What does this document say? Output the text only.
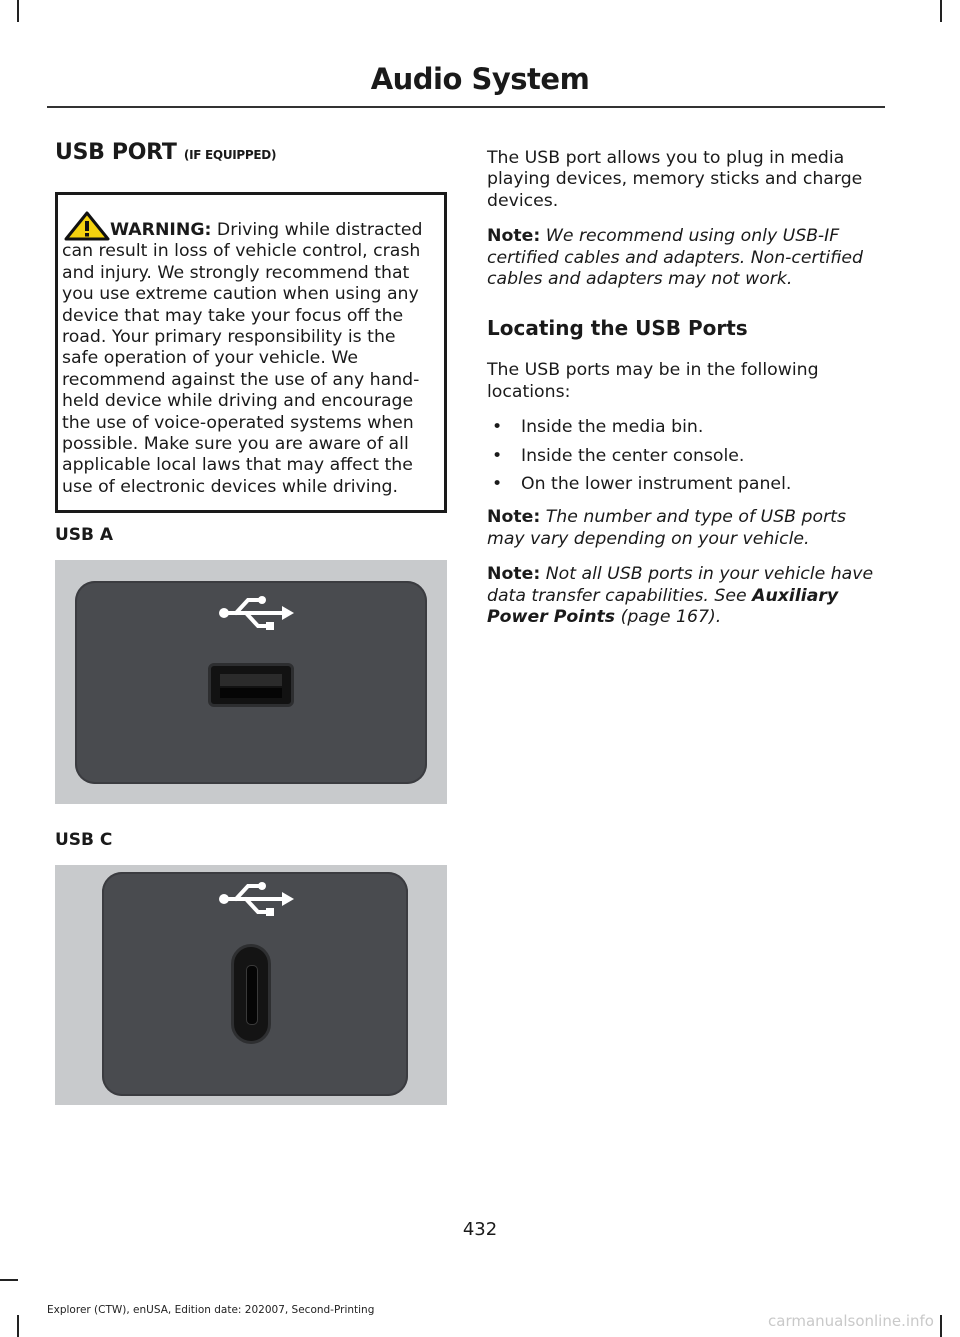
Audio System
USB PORT (IF EQUIPPED)
WARNING: Driving while distracted can result in loss of vehicle control, crash and injury. We strongly recommend that you use extreme caution when using any device that may take your focus off the road. Your primary responsibility is the safe operation of your vehicle. We recommend against the use of any hand-held device while driving and encourage the use of voice-operated systems when possible. Make sure you are aware of all applicable local laws that may affect the use of electronic devices while driving.
USB A
USB C

The USB port allows you to plug in media playing devices, memory sticks and charge devices.

Note: We recommend using only USB-IF certified cables and adapters. Non-certified cables and adapters may not work.

Locating the USB Ports

The USB ports may be in the following locations:

• Inside the media bin.
• Inside the center console.
• On the lower instrument panel.

Note: The number and type of USB ports may vary depending on your vehicle.

Note: Not all USB ports in your vehicle have data transfer capabilities. See Auxiliary Power Points (page 167).

432
Explorer (CTW), enUSA, Edition date: 202007, Second-Printing
carmanualsonline.info
